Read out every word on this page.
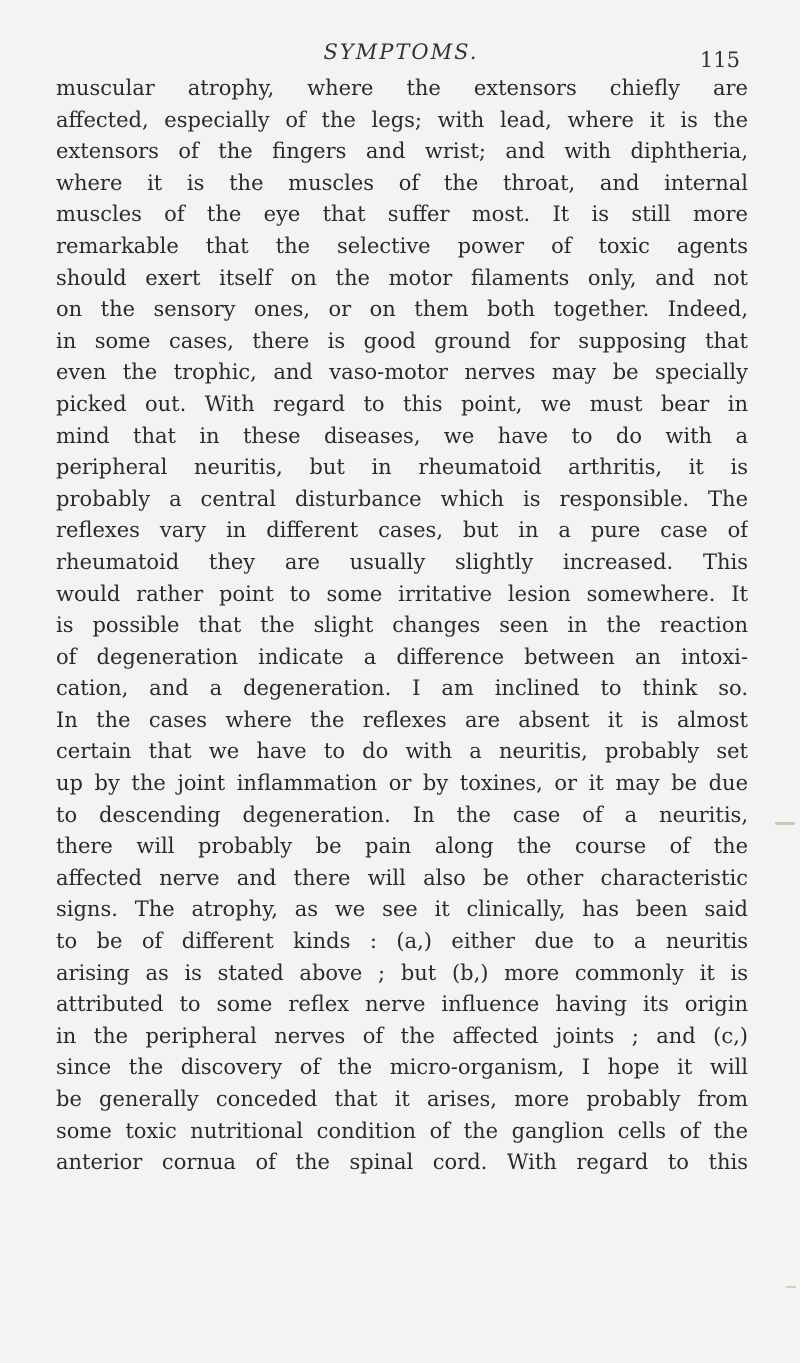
SYMPTOMS.	115
muscular atrophy, where the extensors chiefly are
affected, especially of the legs; with lead, where it is the
extensors of the fingers and wrist; and with diphtheria,
where it is the muscles of the throat, and internal
muscles of the eye that suffer most. It is still more
remarkable that the selective power of toxic agents
should exert itself on the motor filaments only, and not
on the sensory ones, or on them both together. Indeed,
in some cases, there is good ground for supposing that
even the trophic, and vaso-motor nerves may be specially
picked out. With regard to this point, we must bear in
mind that in these diseases, we have to do with a
peripheral neuritis, but in rheumatoid arthritis, it is
probably a central disturbance which is responsible. The
reflexes vary in different cases, but in a pure case of
rheumatoid they are usually slightly increased. This
would rather point to some irritative lesion somewhere. It
is possible that the slight changes seen in the reaction
of degeneration indicate a difference between an intoxi-
cation, and a degeneration. I am inclined to think so.
In the cases where the reflexes are absent it is almost
certain that we have to do with a neuritis, probably set
up by the joint inflammation or by toxines, or it may be due
to descending degeneration. In the case of a neuritis,
there will probably be pain along the course of the
affected nerve and there will also be other characteristic
signs. The atrophy, as we see it clinically, has been said
to be of different kinds : (a,) either due to a neuritis
arising as is stated above ; but (b,) more commonly it is
attributed to some reflex nerve influence having its origin
in the peripheral nerves of the affected joints ; and (c,)
since the discovery of the micro-organism, I hope it will
be generally conceded that it arises, more probably from
some toxic nutritional condition of the ganglion cells of the
anterior cornua of the spinal cord. With regard to this
